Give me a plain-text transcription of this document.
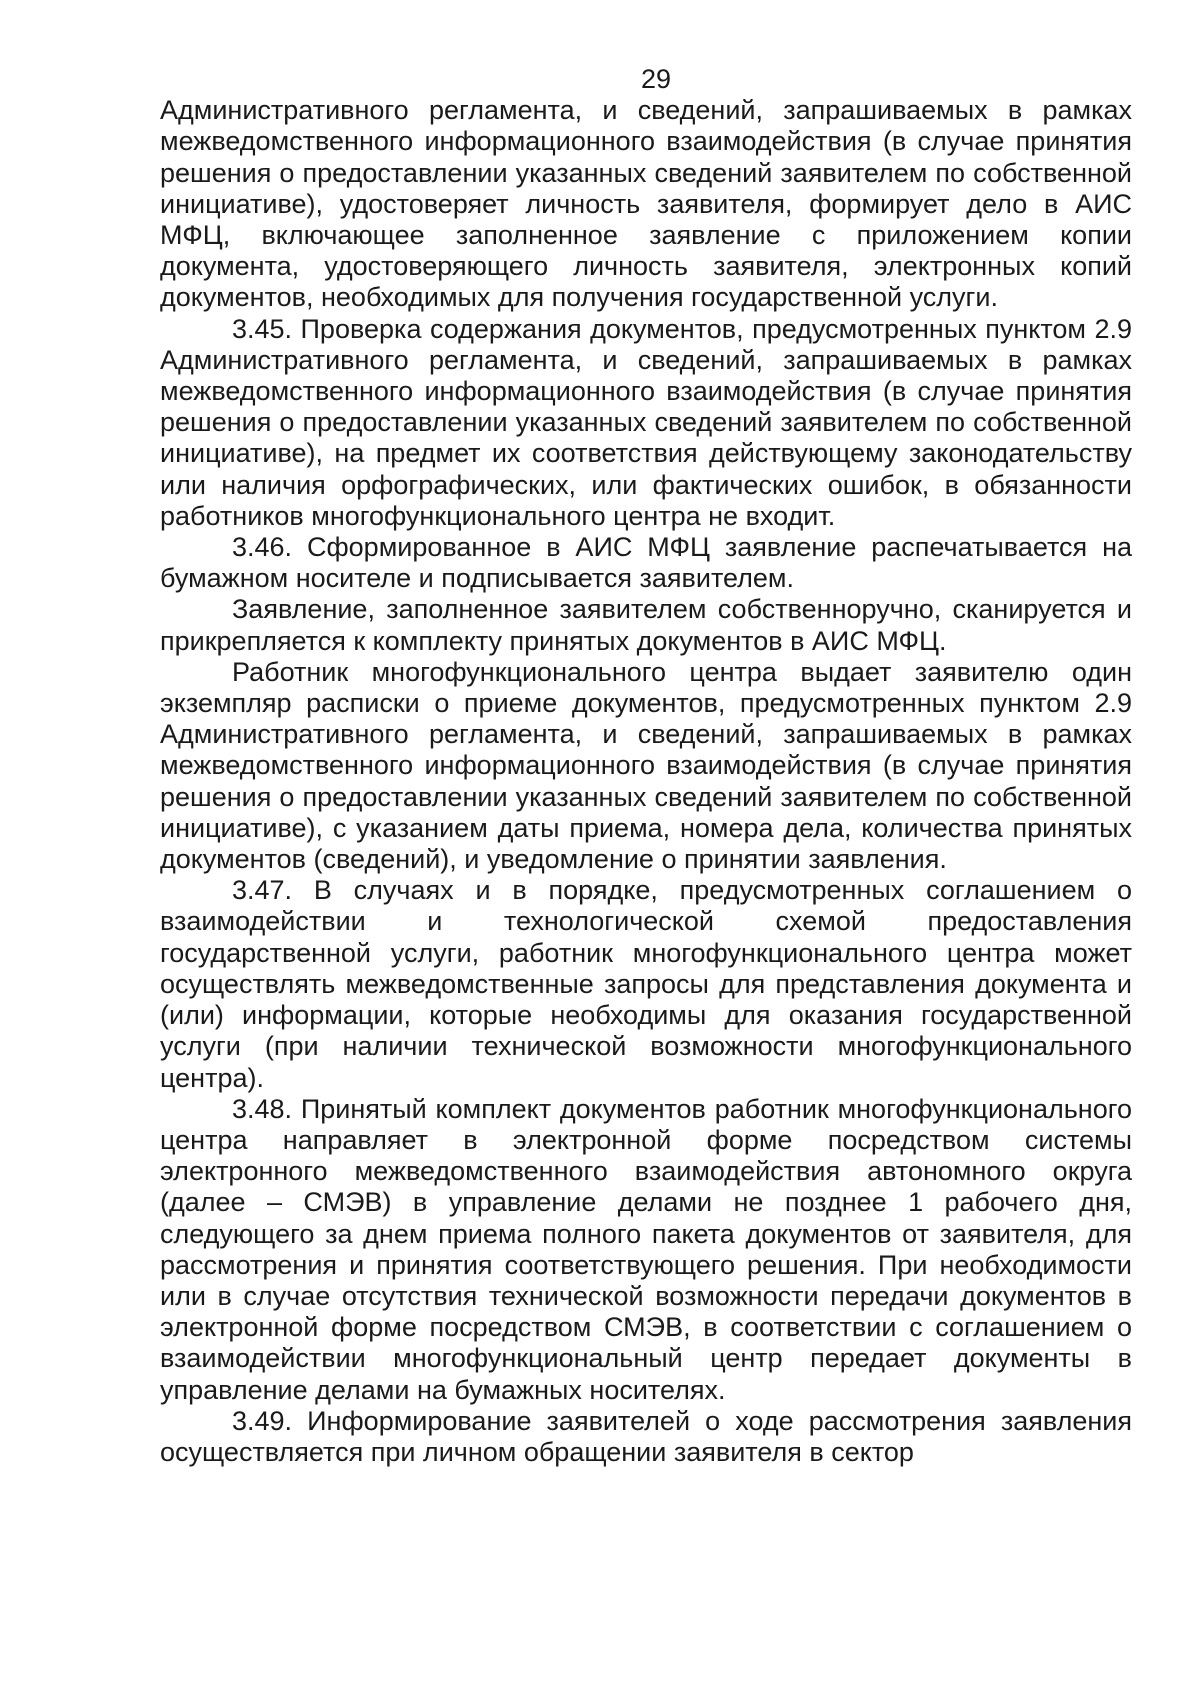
29

Административного регламента, и сведений, запрашиваемых в рамках межведомственного информационного взаимодействия (в случае принятия решения о предоставлении указанных сведений заявителем по собственной инициативе), удостоверяет личность заявителя, формирует дело в АИС МФЦ, включающее заполненное заявление с приложением копии документа, удостоверяющего личность заявителя, электронных копий документов, необходимых для получения государственной услуги.

3.45. Проверка содержания документов, предусмотренных пунктом 2.9 Административного регламента, и сведений, запрашиваемых в рамках межведомственного информационного взаимодействия (в случае принятия решения о предоставлении указанных сведений заявителем по собственной инициативе), на предмет их соответствия действующему законодательству или наличия орфографических, или фактических ошибок, в обязанности работников многофункционального центра не входит.

3.46. Сформированное в АИС МФЦ заявление распечатывается на бумажном носителе и подписывается заявителем.

Заявление, заполненное заявителем собственноручно, сканируется и прикрепляется к комплекту принятых документов в АИС МФЦ.

Работник многофункционального центра выдает заявителю один экземпляр расписки о приеме документов, предусмотренных пунктом 2.9 Административного регламента, и сведений, запрашиваемых в рамках межведомственного информационного взаимодействия (в случае принятия решения о предоставлении указанных сведений заявителем по собственной инициативе), с указанием даты приема, номера дела, количества принятых документов (сведений), и уведомление о принятии заявления.

3.47. В случаях и в порядке, предусмотренных соглашением о взаимодействии и технологической схемой предоставления государственной услуги, работник многофункционального центра может осуществлять межведомственные запросы для представления документа и (или) информации, которые необходимы для оказания государственной услуги (при наличии технической возможности многофункционального центра).

3.48. Принятый комплект документов работник многофункционального центра направляет в электронной форме посредством системы электронного межведомственного взаимодействия автономного округа (далее – СМЭВ) в управление делами не позднее 1 рабочего дня, следующего за днем приема полного пакета документов от заявителя, для рассмотрения и принятия соответствующего решения. При необходимости или в случае отсутствия технической возможности передачи документов в электронной форме посредством СМЭВ, в соответствии с соглашением о взаимодействии многофункциональный центр передает документы в управление делами на бумажных носителях.

3.49. Информирование заявителей о ходе рассмотрения заявления осуществляется при личном обращении заявителя в сектор
